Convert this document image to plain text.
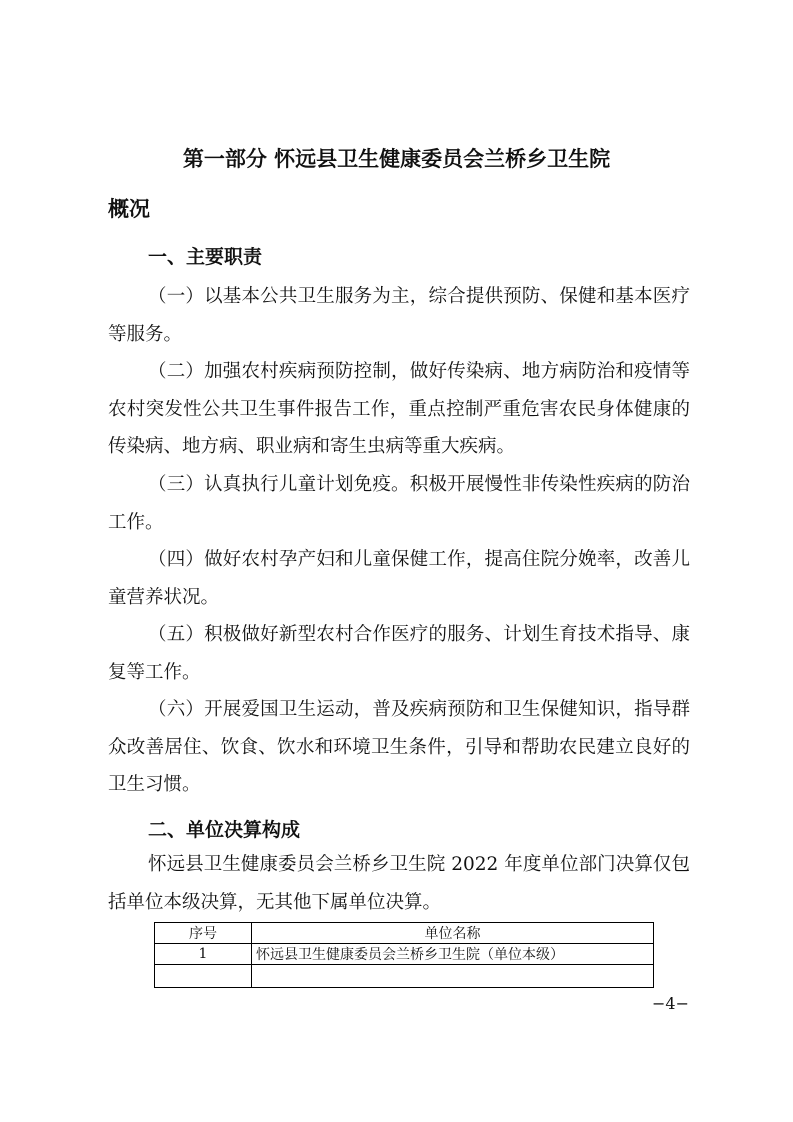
第一部分 怀远县卫生健康委员会兰桥乡卫生院
概况
一、主要职责

（一）以基本公共卫生服务为主，综合提供预防、保健和基本医疗等服务。

（二）加强农村疾病预防控制，做好传染病、地方病防治和疫情等农村突发性公共卫生事件报告工作，重点控制严重危害农民身体健康的传染病、地方病、职业病和寄生虫病等重大疾病。

（三）认真执行儿童计划免疫。积极开展慢性非传染性疾病的防治工作。

（四）做好农村孕产妇和儿童保健工作，提高住院分娩率，改善儿童营养状况。

（五）积极做好新型农村合作医疗的服务、计划生育技术指导、康复等工作。

（六）开展爱国卫生运动，普及疾病预防和卫生保健知识，指导群众改善居住、饮食、饮水和环境卫生条件，引导和帮助农民建立良好的卫生习惯。

二、单位决算构成

怀远县卫生健康委员会兰桥乡卫生院 2022 年度单位部门决算仅包括单位本级决算，无其他下属单位决算。

序号	单位名称
1	怀远县卫生健康委员会兰桥乡卫生院（单位本级）

−4−
